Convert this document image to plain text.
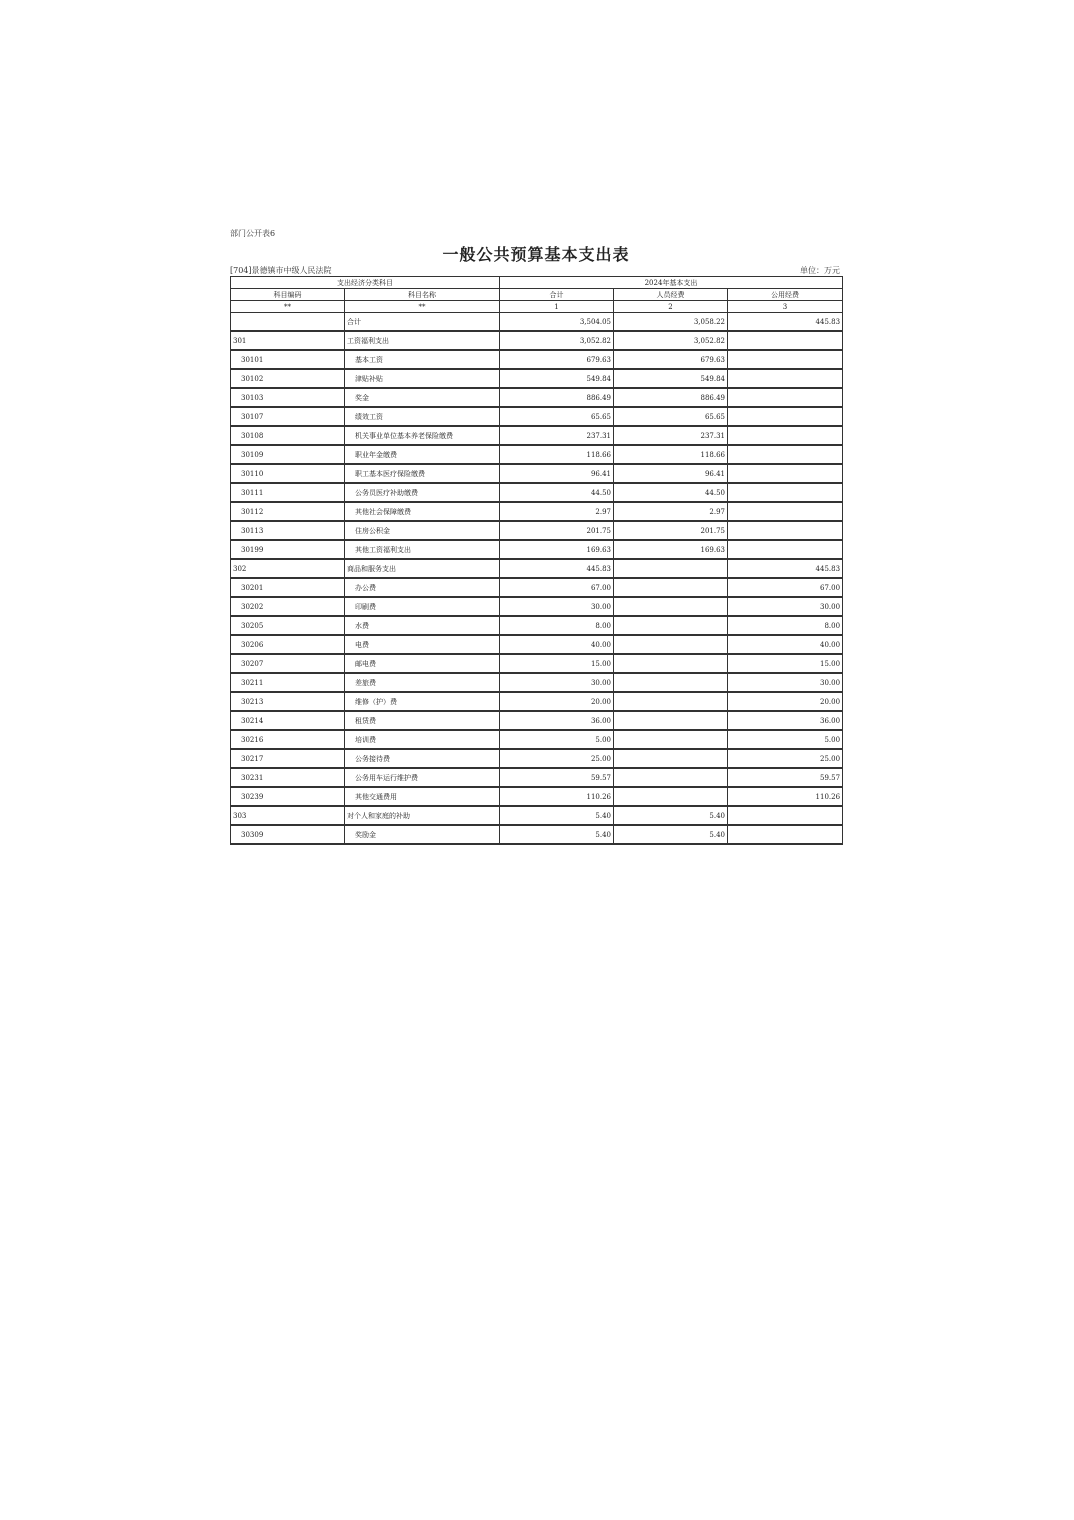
部门公开表6
一般公共预算基本支出表
[704]景德镇市中级人民法院	单位：万元
支出经济分类科目		2024年基本支出		
科目编码	科目名称	合计	人员经费	公用经费
**	**	1	2	3
	合计	3,504.05	3,058.22	445.83
301	工资福利支出	3,052.82	3,052.82	
30101	基本工资	679.63	679.63	
30102	津贴补贴	549.84	549.84	
30103	奖金	886.49	886.49	
30107	绩效工资	65.65	65.65	
30108	机关事业单位基本养老保险缴费	237.31	237.31	
30109	职业年金缴费	118.66	118.66	
30110	职工基本医疗保险缴费	96.41	96.41	
30111	公务员医疗补助缴费	44.50	44.50	
30112	其他社会保障缴费	2.97	2.97	
30113	住房公积金	201.75	201.75	
30199	其他工资福利支出	169.63	169.63	
302	商品和服务支出	445.83		445.83
30201	办公费	67.00		67.00
30202	印刷费	30.00		30.00
30205	水费	8.00		8.00
30206	电费	40.00		40.00
30207	邮电费	15.00		15.00
30211	差旅费	30.00		30.00
30213	维修（护）费	20.00		20.00
30214	租赁费	36.00		36.00
30216	培训费	5.00		5.00
30217	公务接待费	25.00		25.00
30231	公务用车运行维护费	59.57		59.57
30239	其他交通费用	110.26		110.26
303	对个人和家庭的补助	5.40	5.40	
30309	奖励金	5.40	5.40	
